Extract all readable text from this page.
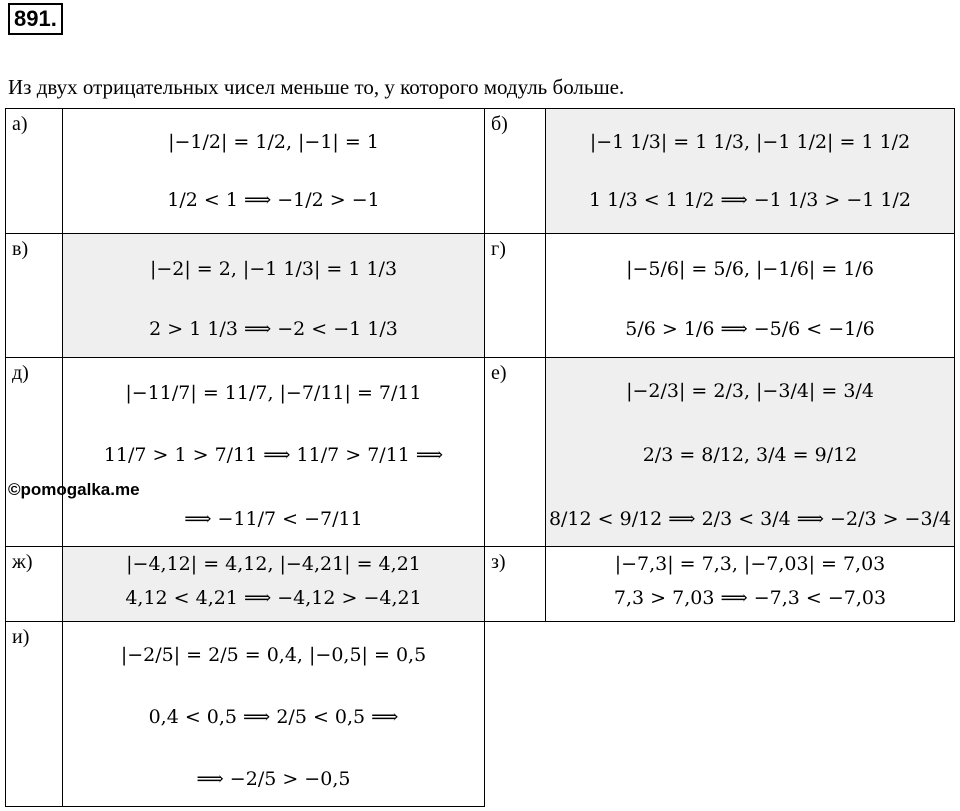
891.
Из двух отрицательных чисел меньше то, у которого модуль больше.
а)
|−1/2| = 1/2, |−1| = 1
1/2 < 1 ⟹ −1/2 > −1
б)
|−1 1/3| = 1 1/3, |−1 1/2| = 1 1/2
1 1/3 < 1 1/2 ⟹ −1 1/3 > −1 1/2
в)
|−2| = 2, |−1 1/3| = 1 1/3
2 > 1 1/3 ⟹ −2 < −1 1/3
г)
|−5/6| = 5/6, |−1/6| = 1/6
5/6 > 1/6 ⟹ −5/6 < −1/6
д)
|−11/7| = 11/7, |−7/11| = 7/11
11/7 > 1 > 7/11 ⟹ 11/7 > 7/11 ⟹
⟹ −11/7 < −7/11
е)
|−2/3| = 2/3, |−3/4| = 3/4
2/3 = 8/12, 3/4 = 9/12
8/12 < 9/12 ⟹ 2/3 < 3/4 ⟹ −2/3 > −3/4
ж)	|−4,12| = 4,12, |−4,21| = 4,21
4,12 < 4,21 ⟹ −4,12 > −4,21
з)	|−7,3| = 7,3, |−7,03| = 7,03
7,3 > 7,03 ⟹ −7,3 < −7,03
и)
|−2/5| = 2/5 = 0,4, |−0,5| = 0,5
0,4 < 0,5 ⟹ 2/5 < 0,5 ⟹
⟹ −2/5 > −0,5
©pomogalka.me
